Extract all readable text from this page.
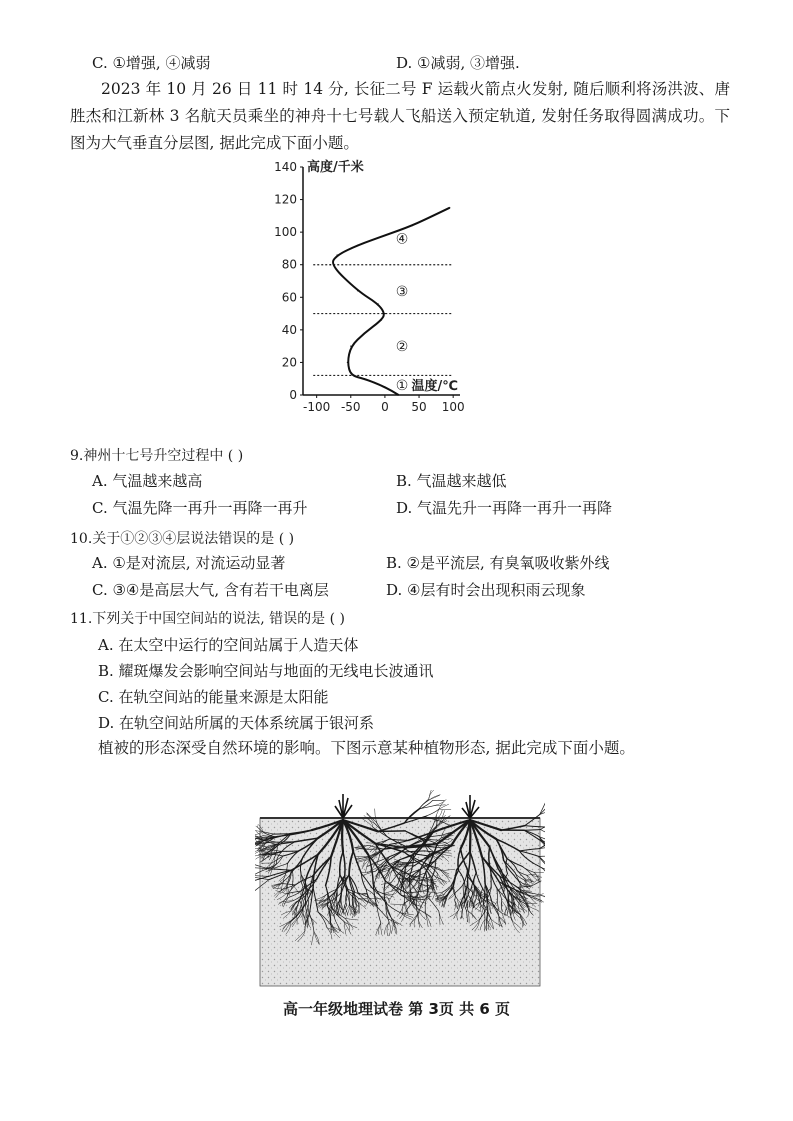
C. ①增强, ④减弱	D. ①减弱, ③增强.
2023 年 10 月 26 日 11 时 14 分, 长征二号 F 运载火箭点火发射, 随后顺利将汤洪波、唐胜杰和江新林 3 名航天员乘坐的神舟十七号载人飞船送入预定轨道, 发射任务取得圆满成功。下图为大气垂直分层图, 据此完成下面小题。
0
20
40
60
80
100
120
140
-100 -50 0 50 100
高度/千米
温度/℃
①
②
③
④
9.神州十七号升空过程中 ( )
A. 气温越来越高	B. 气温越来越低
C. 气温先降一再升一再降一再升	D. 气温先升一再降一再升一再降
10.关于①②③④层说法错误的是 ( )
A. ①是对流层, 对流运动显著	B. ②是平流层, 有臭氧吸收紫外线
C. ③④是高层大气, 含有若干电离层	D. ④层有时会出现积雨云现象
11.下列关于中国空间站的说法, 错误的是 ( )
A. 在太空中运行的空间站属于人造天体
B. 耀斑爆发会影响空间站与地面的无线电长波通讯
C. 在轨空间站的能量来源是太阳能
D. 在轨空间站所属的天体系统属于银河系
植被的形态深受自然环境的影响。下图示意某种植物形态, 据此完成下面小题。
高一年级地理试卷 第 3页 共 6 页
